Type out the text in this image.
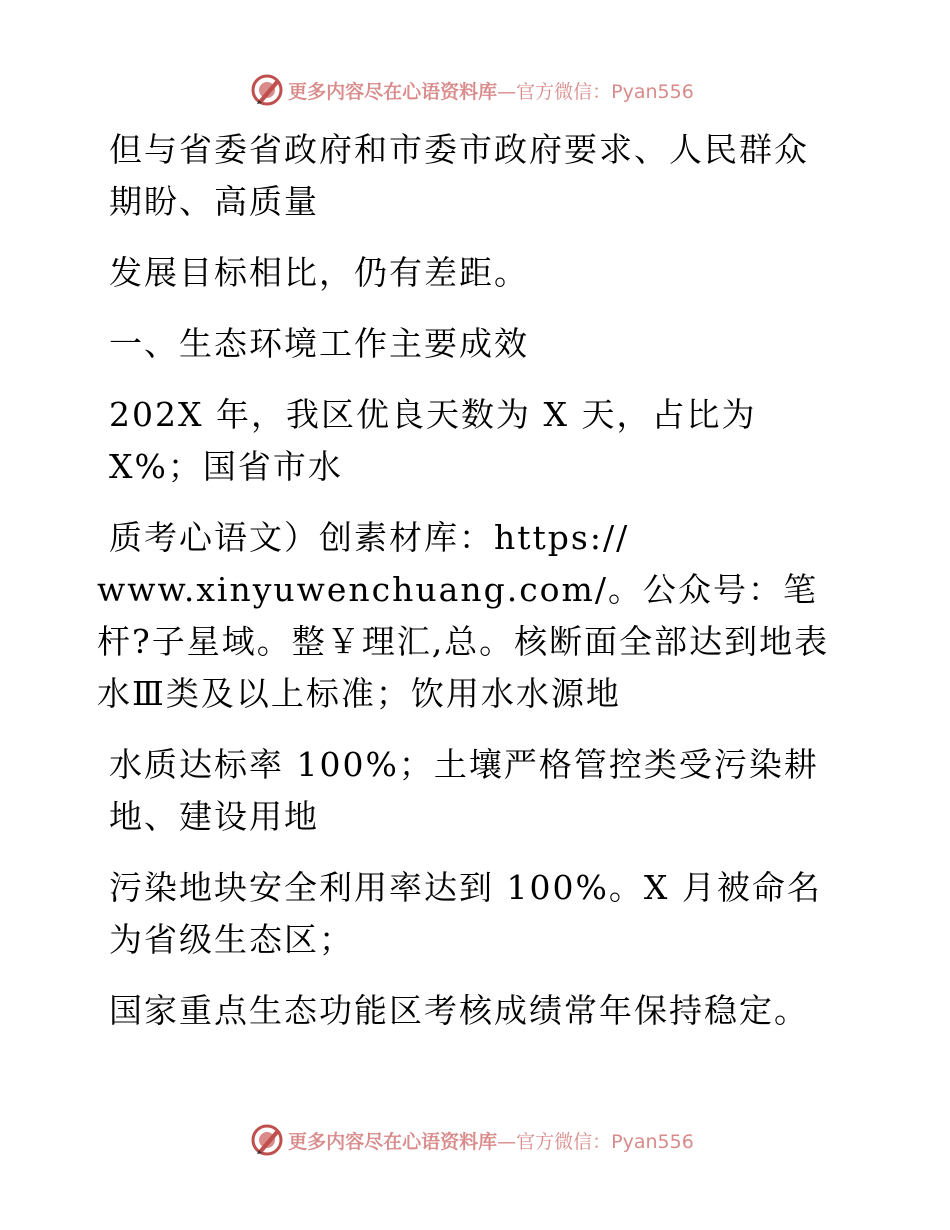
更多内容尽在心语资料库 —官方微信：Pyan556

但与省委省政府和市委市政府要求、人民群众期盼、高质量

发展目标相比，仍有差距。

一、生态环境工作主要成效

202X 年，我区优良天数为 X 天，占比为 X%；国省市水

质考心语文）创素材库：https://

www.xinyuwenchuang.com/。公众号：笔杆?子星域。整￥理汇,总。核断面全部达到地表水Ⅲ类及以上标准；饮用水水源地

水质达标率 100%；土壤严格管控类受污染耕地、建设用地

污染地块安全利用率达到 100%。X 月被命名为省级生态区；

国家重点生态功能区考核成绩常年保持稳定。

更多内容尽在心语资料库 —官方微信：Pyan556
